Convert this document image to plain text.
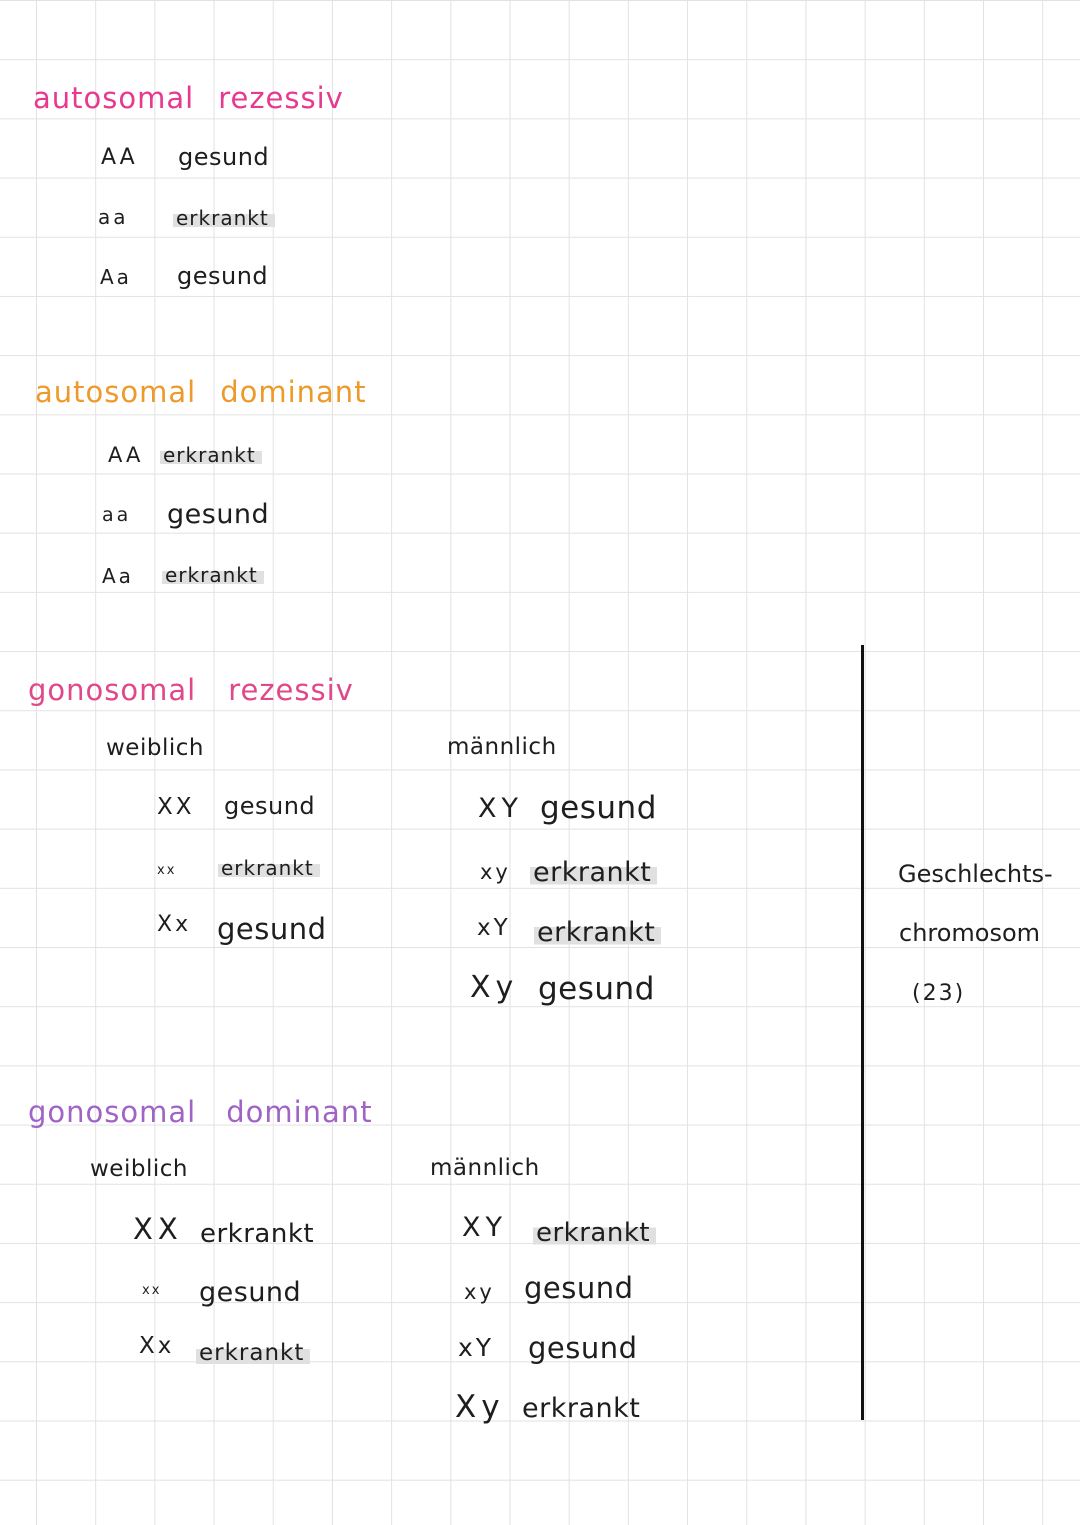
autosomal rezessiv
AA gesund
aa erkrankt
Aa gesund
autosomal dominant
AA erkrankt
aa gesund
Aa erkrankt
gonosomal rezessiv
weiblich	männlich
XX gesund
xx erkrankt
Xx gesund
XY gesund
xy erkrankt
xY erkrankt
Xy gesund
gonosomal dominant
weiblich	männlich
XX erkrankt
xx gesund
Xx erkrankt
XY erkrankt
xy gesund
xY gesund
Xy erkrankt
Geschlechts-
chromosom
(23)
